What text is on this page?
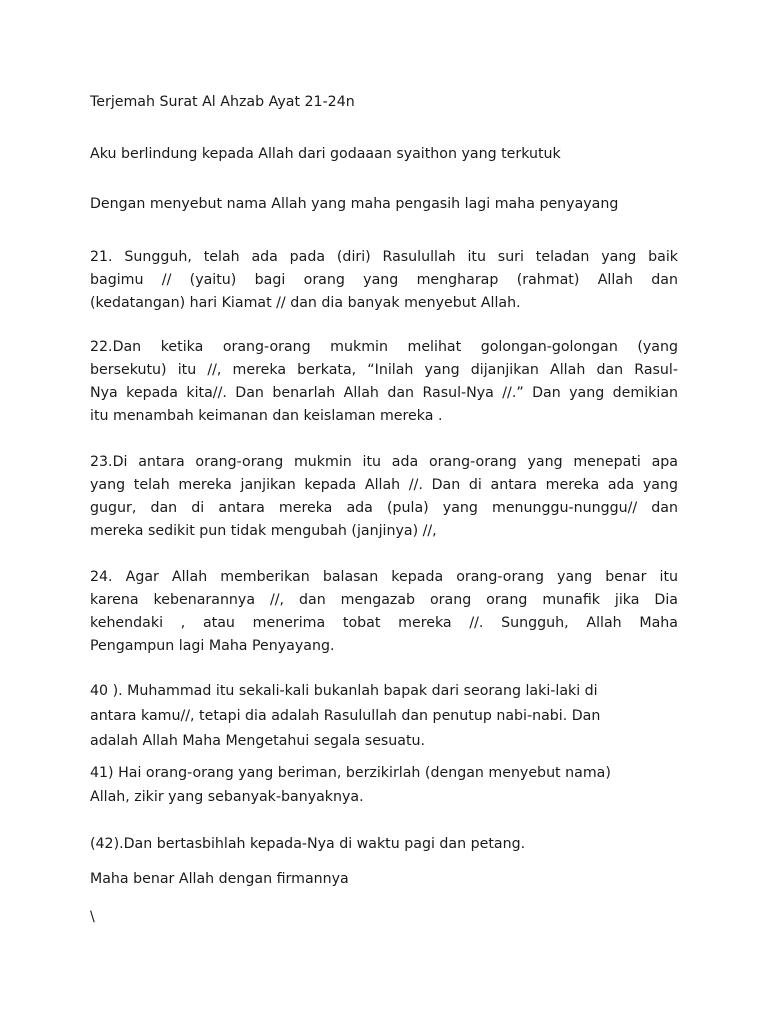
Terjemah Surat Al Ahzab Ayat 21-24n
Aku berlindung kepada Allah dari godaaan syaithon yang terkutuk
Dengan menyebut nama Allah yang maha pengasih lagi maha penyayang
21. Sungguh, telah ada pada (diri) Rasulullah itu suri teladan yang baik
bagimu // (yaitu) bagi orang yang mengharap (rahmat) Allah dan
(kedatangan) hari Kiamat // dan dia banyak menyebut Allah.
22.Dan ketika orang-orang mukmin melihat golongan-golongan (yang
bersekutu) itu //, mereka berkata, “Inilah yang dijanjikan Allah dan Rasul-
Nya kepada kita//. Dan benarlah Allah dan Rasul-Nya //.” Dan yang demikian
itu menambah keimanan dan keislaman mereka .
23.Di antara orang-orang mukmin itu ada orang-orang yang menepati apa
yang telah mereka janjikan kepada Allah //. Dan di antara mereka ada yang
gugur, dan di antara mereka ada (pula) yang menunggu-nunggu// dan
mereka sedikit pun tidak mengubah (janjinya) //,
24. Agar Allah memberikan balasan kepada orang-orang yang benar itu
karena kebenarannya //, dan mengazab orang orang munafik jika Dia
kehendaki , atau menerima tobat mereka //. Sungguh, Allah Maha
Pengampun lagi Maha Penyayang.
40 ). Muhammad itu sekali-kali bukanlah bapak dari seorang laki-laki di
antara kamu//, tetapi dia adalah Rasulullah dan penutup nabi-nabi. Dan
adalah Allah Maha Mengetahui segala sesuatu.
41) Hai orang-orang yang beriman, berzikirlah (dengan menyebut nama)
Allah, zikir yang sebanyak-banyaknya.
(42).Dan bertasbihlah kepada-Nya di waktu pagi dan petang.
Maha benar Allah dengan firmannya
\
